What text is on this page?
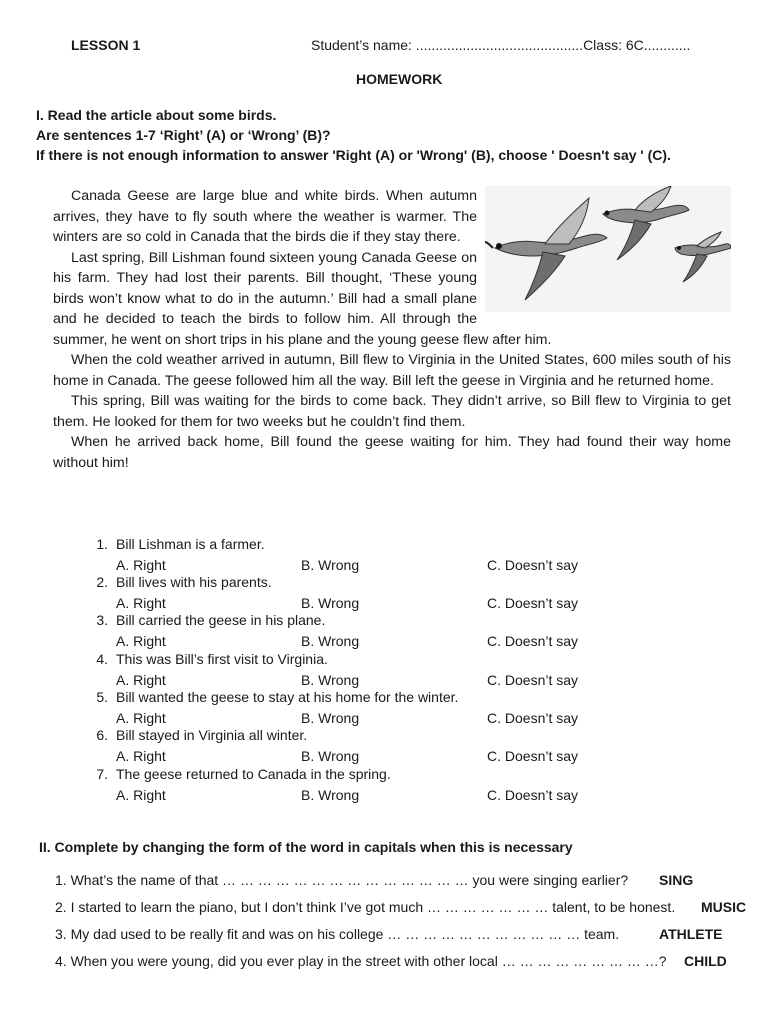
LESSON 1	Student’s name: ...........................................Class: 6C............
HOMEWORK
I. Read the article about some birds.
Are sentences 1-7 ‘Right’ (A) or ‘Wrong’ (B)?
If there is not enough information to answer 'Right (A) or 'Wrong' (B), choose ' Doesn't say ' (C).

Canada Geese are large blue and white birds. When autumn arrives, they have to fly south where the weather is warmer. The winters are so cold in Canada that the birds die if they stay there.

Last spring, Bill Lishman found sixteen young Canada Geese on his farm. They had lost their parents. Bill thought, ‘These young birds won’t know what to do in the autumn.’ Bill had a small plane and he decided to teach the birds to follow him. All through the summer, he went on short trips in his plane and the young geese flew after him.

When the cold weather arrived in autumn, Bill flew to Virginia in the United States, 600 miles south of his home in Canada. The geese followed him all the way. Bill left the geese in Virginia and he returned home.

This spring, Bill was waiting for the birds to come back. They didn’t arrive, so Bill flew to Virginia to get them. He looked for them for two weeks but he couldn’t find them.

When he arrived back home, Bill found the geese waiting for him. They had found their way home without him!

1. Bill Lishman is a farmer.
A. Right	B. Wrong	C. Doesn’t say
2. Bill lives with his parents.
A. Right	B. Wrong	C. Doesn’t say
3. Bill carried the geese in his plane.
A. Right	B. Wrong	C. Doesn’t say
4. This was Bill’s first visit to Virginia.
A. Right	B. Wrong	C. Doesn’t say
5. Bill wanted the geese to stay at his home for the winter.
A. Right	B. Wrong	C. Doesn’t say
6. Bill stayed in Virginia all winter.
A. Right	B. Wrong	C. Doesn’t say
7. The geese returned to Canada in the spring.
A. Right	B. Wrong	C. Doesn’t say
II. Complete by changing the form of the word in capitals when this is necessary
1. What’s the name of that … … … … … … … … … … … … … … you were singing earlier? SING
2. I started to learn the piano, but I don’t think I’ve got much … … … … … … … talent, to be honest. MUSIC
3. My dad used to be really fit and was on his college … … … … … … … … … … … team.	ATHLETE
4. When you were young, did you ever play in the street with other local … … … … … … … … …? CHILD
